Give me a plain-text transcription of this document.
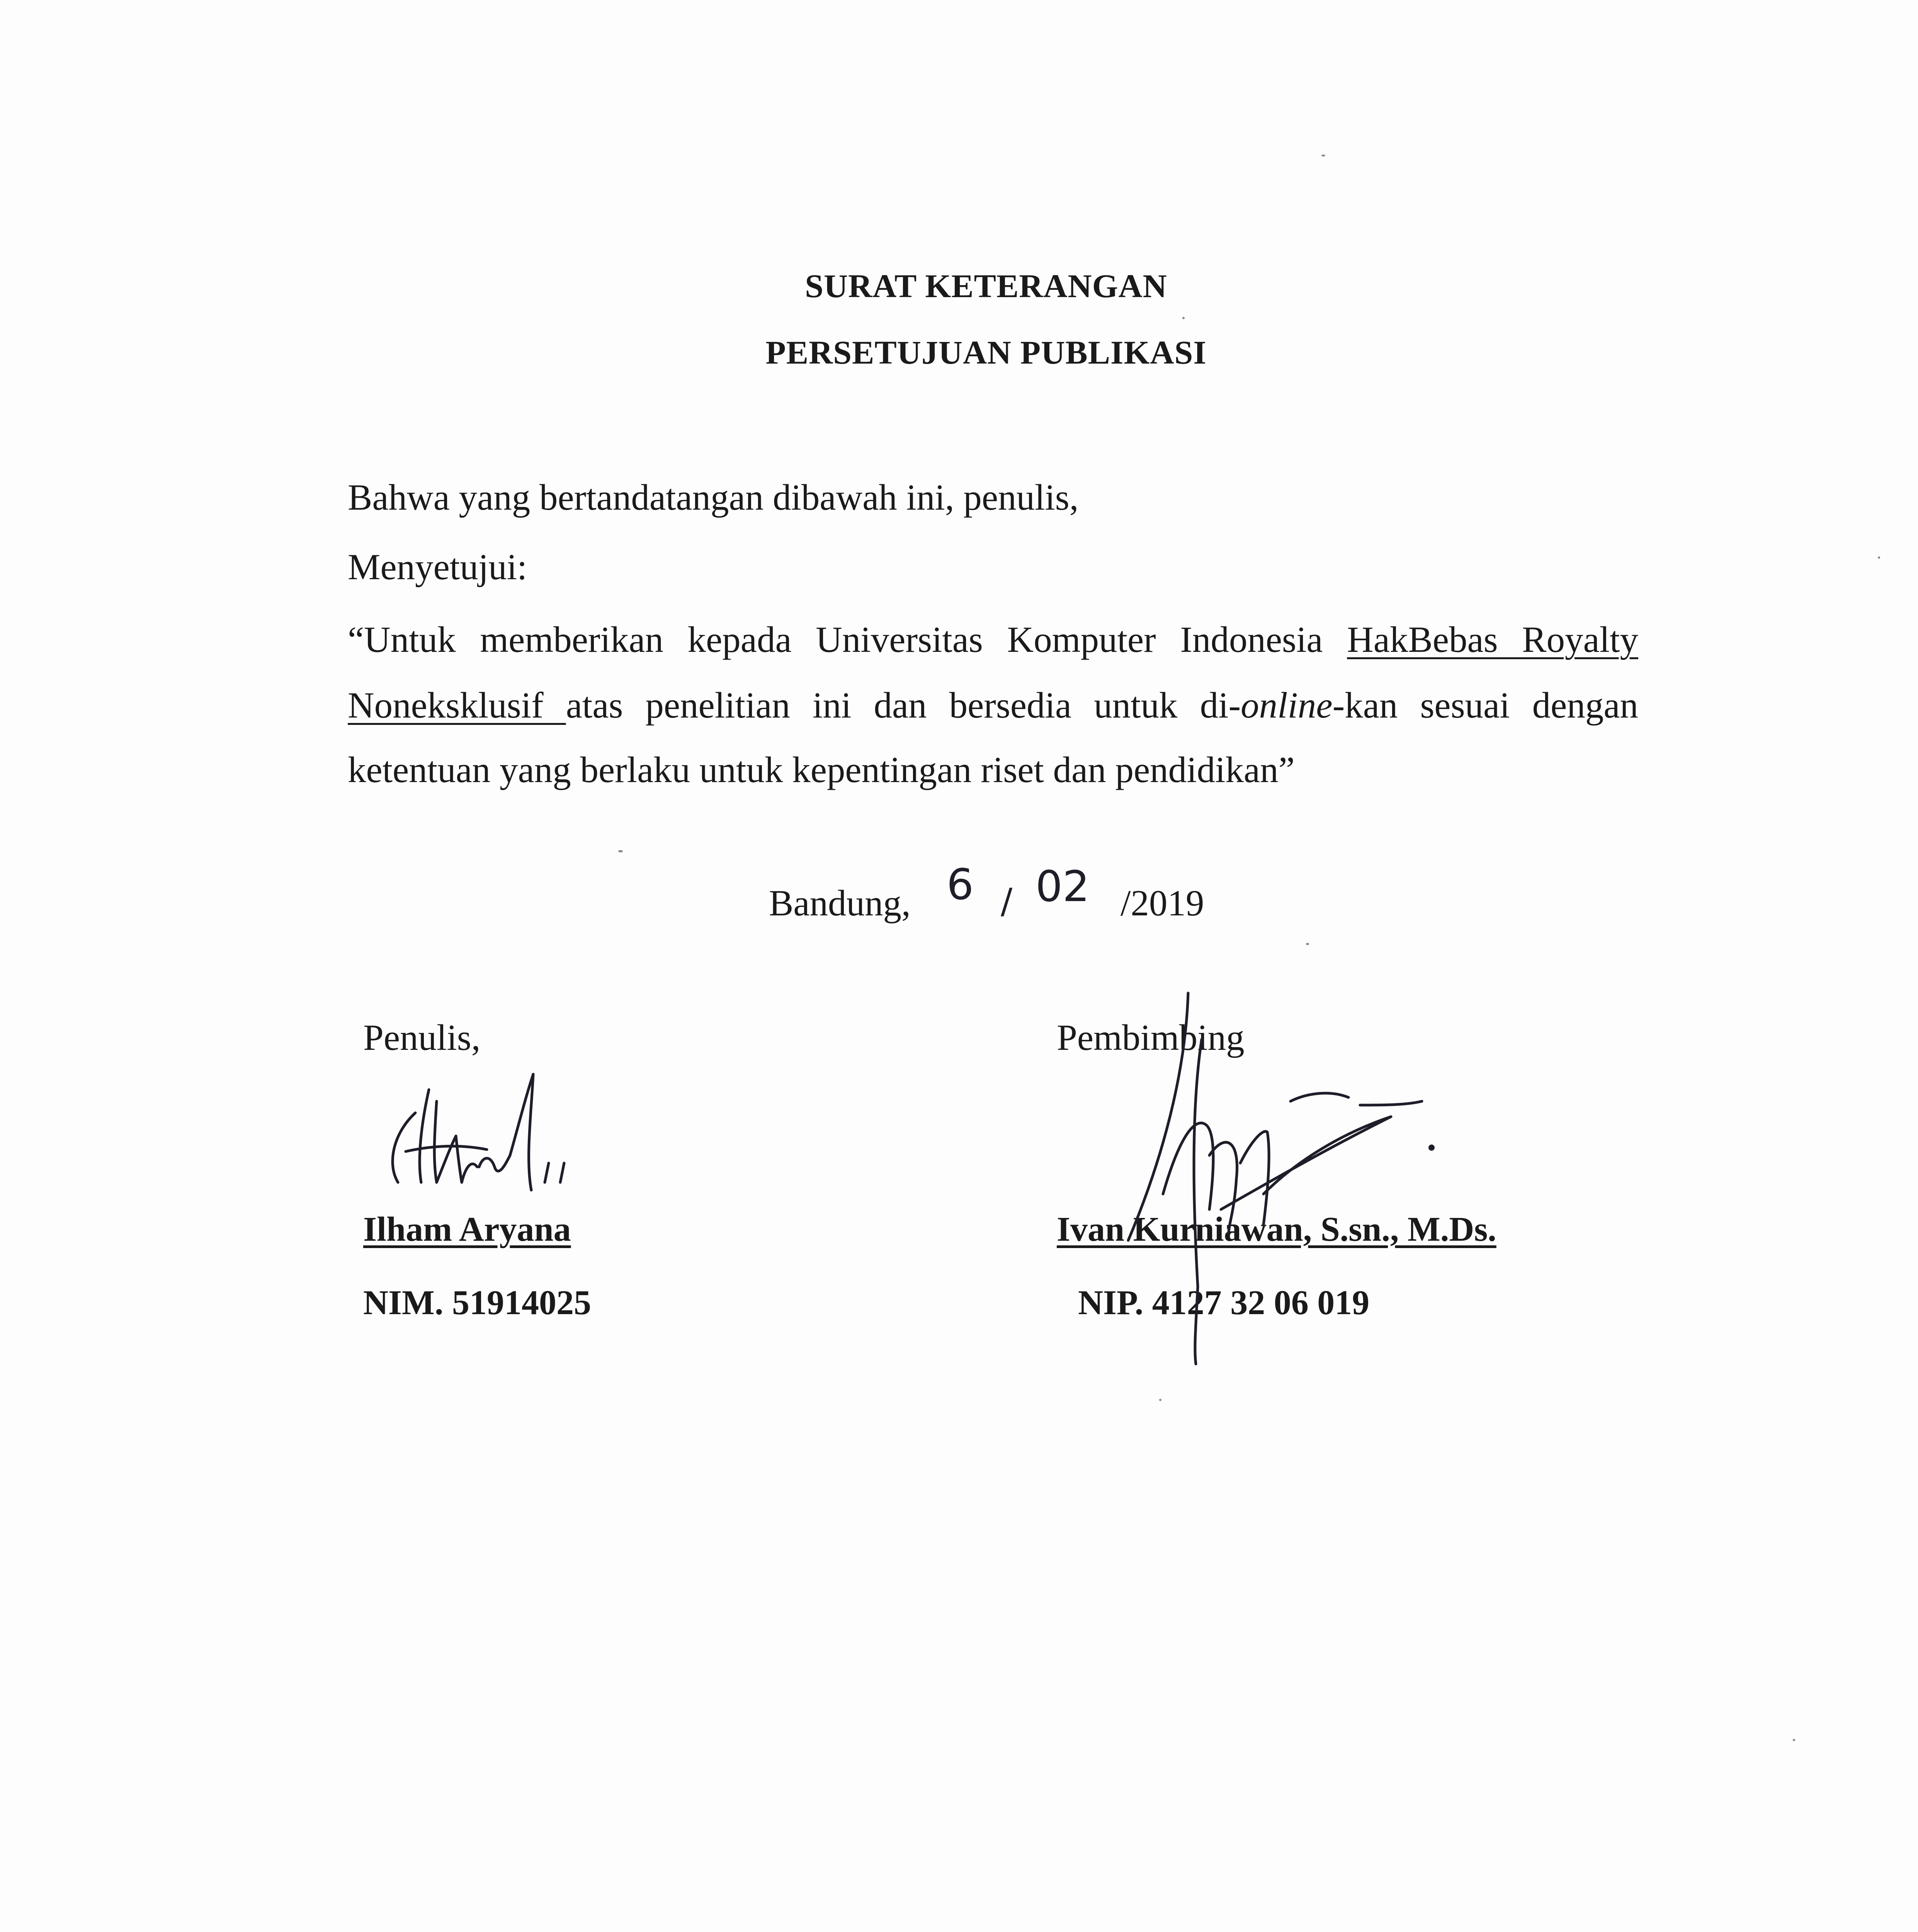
SURAT KETERANGAN
PERSETUJUAN PUBLIKASI
Bahwa yang bertandatangan dibawah ini, penulis,
Menyetujui:
“Untuk memberikan kepada Universitas Komputer Indonesia HakBebas Royalty
Noneksklusif atas penelitian ini dan bersedia untuk di-online-kan sesuai dengan
ketentuan yang berlaku untuk kepentingan riset dan pendidikan”
Bandung, 6 / 02 /2019
Penulis,
Ilham Aryana
NIM. 51914025
Pembimbing
Ivan Kurniawan, S.sn., M.Ds.
NIP. 4127 32 06 019
